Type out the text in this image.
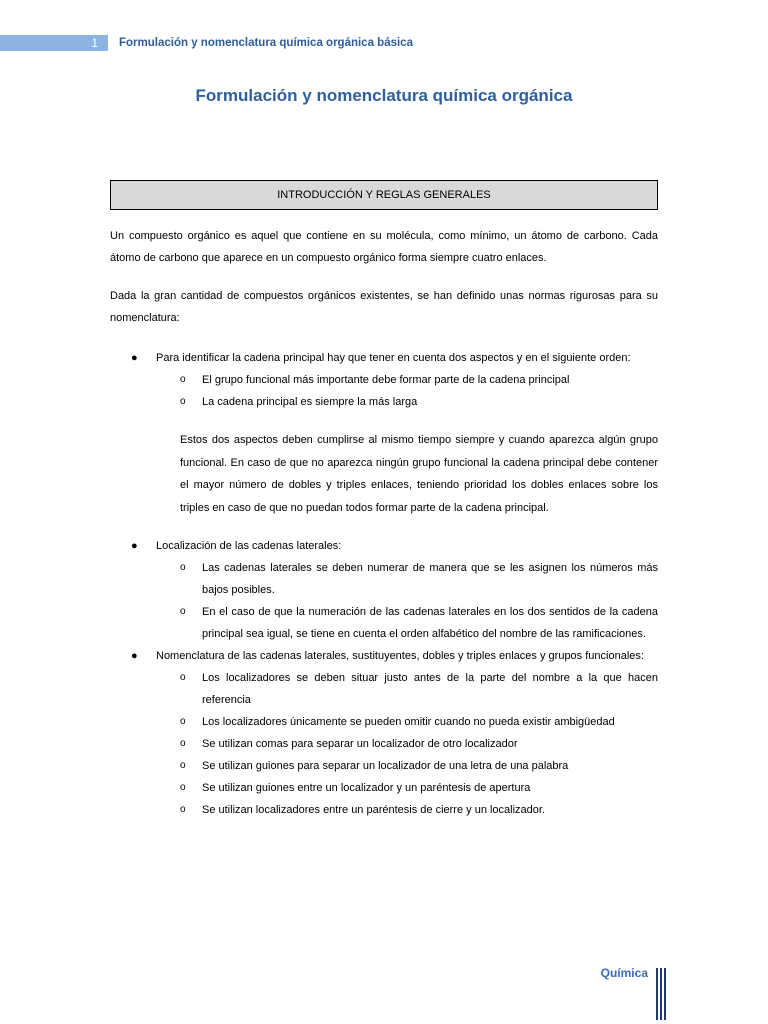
1	Formulación y nomenclatura química orgánica básica
Formulación y nomenclatura química orgánica
INTRODUCCIÓN Y REGLAS GENERALES

Un compuesto orgánico es aquel que contiene en su molécula, como mínimo, un átomo de carbono. Cada átomo de carbono que aparece en un compuesto orgánico forma siempre cuatro enlaces.

Dada la gran cantidad de compuestos orgánicos existentes, se han definido unas normas rigurosas para su nomenclatura:

● Para identificar la cadena principal hay que tener en cuenta dos aspectos y en el siguiente orden:
o El grupo funcional más importante debe formar parte de la cadena principal
o La cadena principal es siempre la más larga

Estos dos aspectos deben cumplirse al mismo tiempo siempre y cuando aparezca algún grupo funcional. En caso de que no aparezca ningún grupo funcional la cadena principal debe contener el mayor número de dobles y triples enlaces, teniendo prioridad los dobles enlaces sobre los triples en caso de que no puedan todos formar parte de la cadena principal.

● Localización de las cadenas laterales:
o Las cadenas laterales se deben numerar de manera que se les asignen los números más bajos posibles.
o En el caso de que la numeración de las cadenas laterales en los dos sentidos de la cadena principal sea igual, se tiene en cuenta el orden alfabético del nombre de las ramificaciones.
● Nomenclatura de las cadenas laterales, sustituyentes, dobles y triples enlaces y grupos funcionales:
o Los localizadores se deben situar justo antes de la parte del nombre a la que hacen referencia
o Los localizadores únicamente se pueden omitir cuando no pueda existir ambigüedad
o Se utilizan comas para separar un localizador de otro localizador
o Se utilizan guiones para separar un localizador de una letra de una palabra
o Se utilizan guiones entre un localizador y un paréntesis de apertura
o Se utilizan localizadores entre un paréntesis de cierre y un localizador.
Química
